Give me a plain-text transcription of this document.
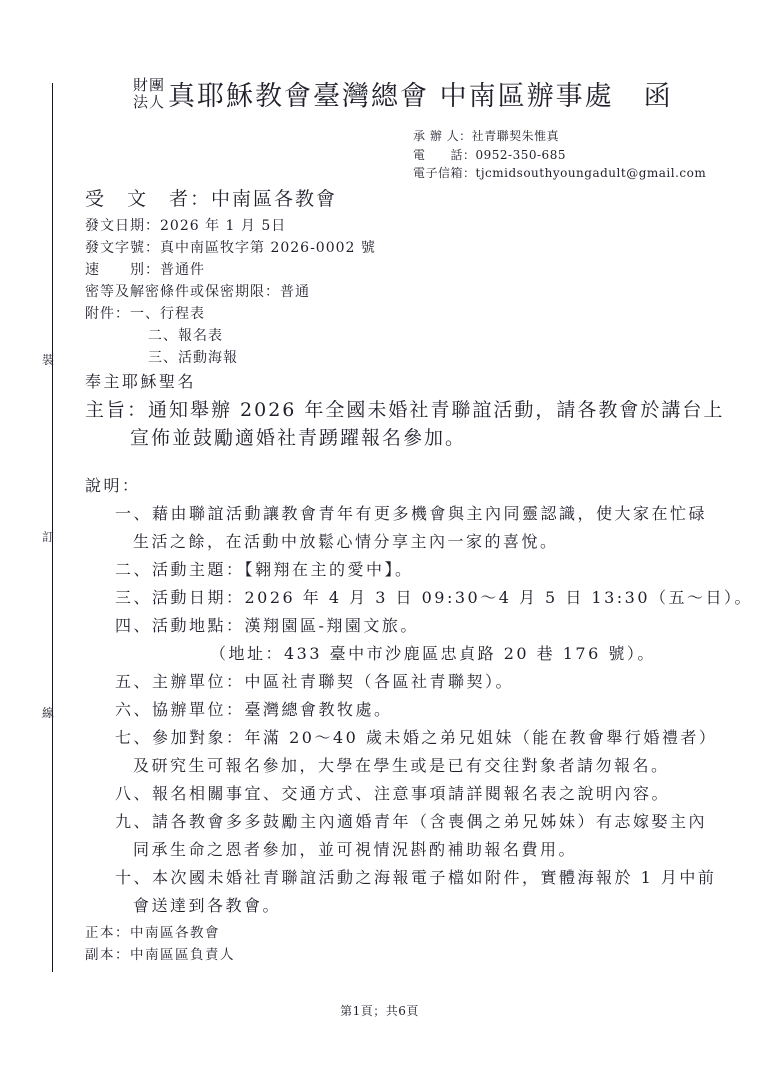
裝
訂
線
財團
法人 真耶穌教會臺灣總會 中南區辦事處 函
承 辦 人：社青聯契朱惟真
電　　話：0952-350-685
電子信箱：tjcmidsouthyoungadult@gmail.com
受　文　者：中南區各教會
發文日期：2026 年 1 月 5日
發文字號：真中南區牧字第 2026-0002 號
速　　別：普通件
密等及解密條件或保密期限：普通
附件：一、行程表
二、報名表
三、活動海報
奉主耶穌聖名
主旨：通知舉辦 2026 年全國未婚社青聯誼活動，請各教會於講台上
宣佈並鼓勵適婚社青踴躍報名參加。
說明：
一、藉由聯誼活動讓教會青年有更多機會與主內同靈認識，使大家在忙碌
生活之餘，在活動中放鬆心情分享主內一家的喜悅。
二、活動主題：【翱翔在主的愛中】。
三、活動日期：2026 年 4 月 3 日 09:30～4 月 5 日 13:30（五～日）。
四、活動地點：漢翔園區-翔園文旅。
（地址：433 臺中市沙鹿區忠貞路 20 巷 176 號）。
五、主辦單位：中區社青聯契（各區社青聯契）。
六、協辦單位：臺灣總會教牧處。
七、參加對象：年滿 20～40 歲未婚之弟兄姐妹（能在教會舉行婚禮者）
及研究生可報名參加，大學在學生或是已有交往對象者請勿報名。
八、報名相關事宜、交通方式、注意事項請詳閱報名表之說明內容。
九、請各教會多多鼓勵主內適婚青年（含喪偶之弟兄姊妹）有志嫁娶主內
同承生命之恩者參加，並可視情況斟酌補助報名費用。
十、本次國未婚社青聯誼活動之海報電子檔如附件，實體海報於 1 月中前
會送達到各教會。
正本：中南區各教會
副本：中南區區負責人
第1頁；共6頁
